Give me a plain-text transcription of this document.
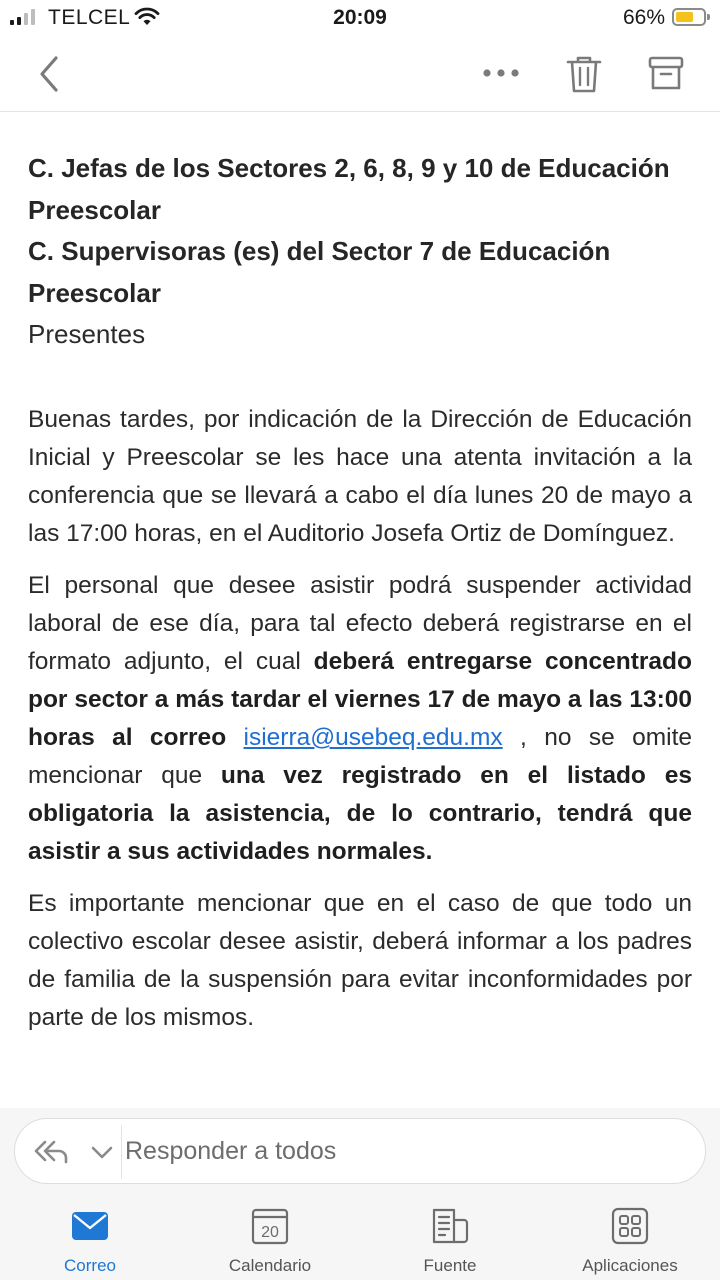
TELCEL	20:09	66%
C. Jefas de los Sectores 2, 6, 8, 9 y 10 de Educación Preescolar
C. Supervisoras (es) del Sector 7 de Educación Preescolar
Presentes

Buenas tardes, por indicación de la Dirección de Educación Inicial y Preescolar se les hace una atenta invitación a la conferencia que se llevará a cabo el día lunes 20 de mayo a las 17:00 horas, en el Auditorio Josefa Ortiz de Domínguez.

El personal que desee asistir podrá suspender actividad laboral de ese día, para tal efecto deberá registrarse en el formato adjunto, el cual deberá entregarse concentrado por sector a más tardar el viernes 17 de mayo a las 13:00 horas al correo isierra@usebeq.edu.mx , no se omite mencionar que una vez registrado en el listado es obligatoria la asistencia, de lo contrario, tendrá que asistir a sus actividades normales.

Es importante mencionar que en el caso de que todo un colectivo escolar desee asistir, deberá informar a los padres de familia de la suspensión para evitar inconformidades por parte de los mismos.

Responder a todos
Correo
20
Calendario	Fuente	Aplicaciones
